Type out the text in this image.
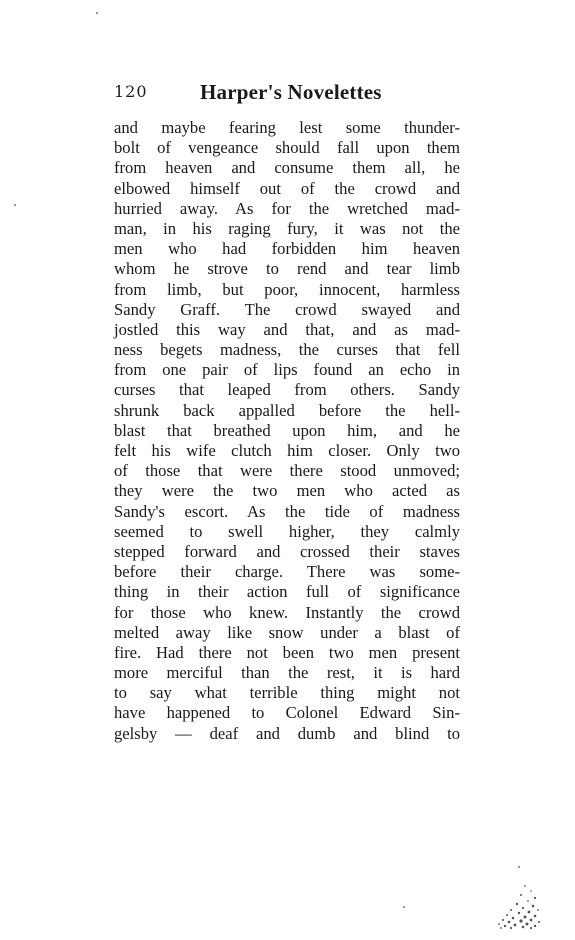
120 Harper's Novelettes
and maybe fearing lest some thunder-
bolt of vengeance should fall upon them
from heaven and consume them all, he
elbowed himself out of the crowd and
hurried away. As for the wretched mad-
man, in his raging fury, it was not the
men who had forbidden him heaven
whom he strove to rend and tear limb
from limb, but poor, innocent, harmless
Sandy Graff. The crowd swayed and
jostled this way and that, and as mad-
ness begets madness, the curses that fell
from one pair of lips found an echo in
curses that leaped from others. Sandy
shrunk back appalled before the hell-
blast that breathed upon him, and he
felt his wife clutch him closer. Only two
of those that were there stood unmoved;
they were the two men who acted as
Sandy's escort. As the tide of madness
seemed to swell higher, they calmly
stepped forward and crossed their staves
before their charge. There was some-
thing in their action full of significance
for those who knew. Instantly the crowd
melted away like snow under a blast of
fire. Had there not been two men present
more merciful than the rest, it is hard
to say what terrible thing might not
have happened to Colonel Edward Sin-
gelsby — deaf and dumb and blind to
